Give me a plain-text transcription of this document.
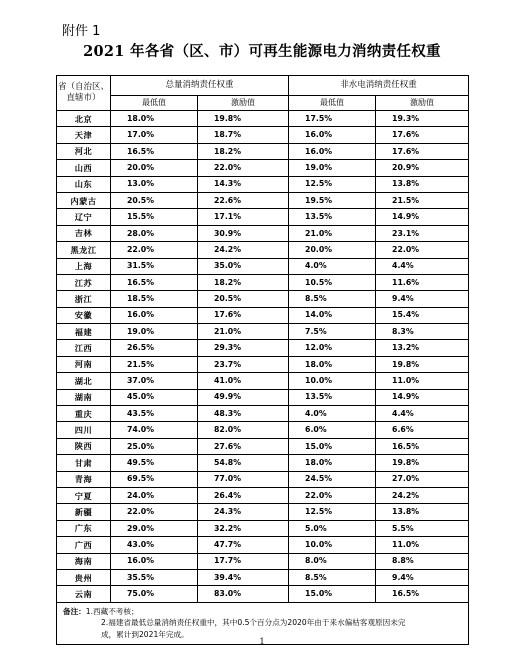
附件 1
2021 年各省（区、市）可再生能源电力消纳责任权重
省（自治区、直辖市）	总量消纳责任权重		非水电消纳责任权重	
	最低值	激励值	最低值	激励值
北京	18.0%	19.8%	17.5%	19.3%
天津	17.0%	18.7%	16.0%	17.6%
河北	16.5%	18.2%	16.0%	17.6%
山西	20.0%	22.0%	19.0%	20.9%
山东	13.0%	14.3%	12.5%	13.8%
内蒙古	20.5%	22.6%	19.5%	21.5%
辽宁	15.5%	17.1%	13.5%	14.9%
吉林	28.0%	30.9%	21.0%	23.1%
黑龙江	22.0%	24.2%	20.0%	22.0%
上海	31.5%	35.0%	4.0%	4.4%
江苏	16.5%	18.2%	10.5%	11.6%
浙江	18.5%	20.5%	8.5%	9.4%
安徽	16.0%	17.6%	14.0%	15.4%
福建	19.0%	21.0%	7.5%	8.3%
江西	26.5%	29.3%	12.0%	13.2%
河南	21.5%	23.7%	18.0%	19.8%
湖北	37.0%	41.0%	10.0%	11.0%
湖南	45.0%	49.9%	13.5%	14.9%
重庆	43.5%	48.3%	4.0%	4.4%
四川	74.0%	82.0%	6.0%	6.6%
陕西	25.0%	27.6%	15.0%	16.5%
甘肃	49.5%	54.8%	18.0%	19.8%
青海	69.5%	77.0%	24.5%	27.0%
宁夏	24.0%	26.4%	22.0%	24.2%
新疆	22.0%	24.3%	12.5%	13.8%
广东	29.0%	32.2%	5.0%	5.5%
广西	43.0%	47.7%	10.0%	11.0%
海南	16.0%	17.7%	8.0%	8.8%
贵州	35.5%	39.4%	8.5%	9.4%
云南	75.0%	83.0%	15.0%	16.5%

备注：1.西藏不考核；
2.福建省最低总量消纳责任权重中，其中0.5个百分点为2020年由于来水偏枯客观原因未完
成，累计到2021年完成。				
1
